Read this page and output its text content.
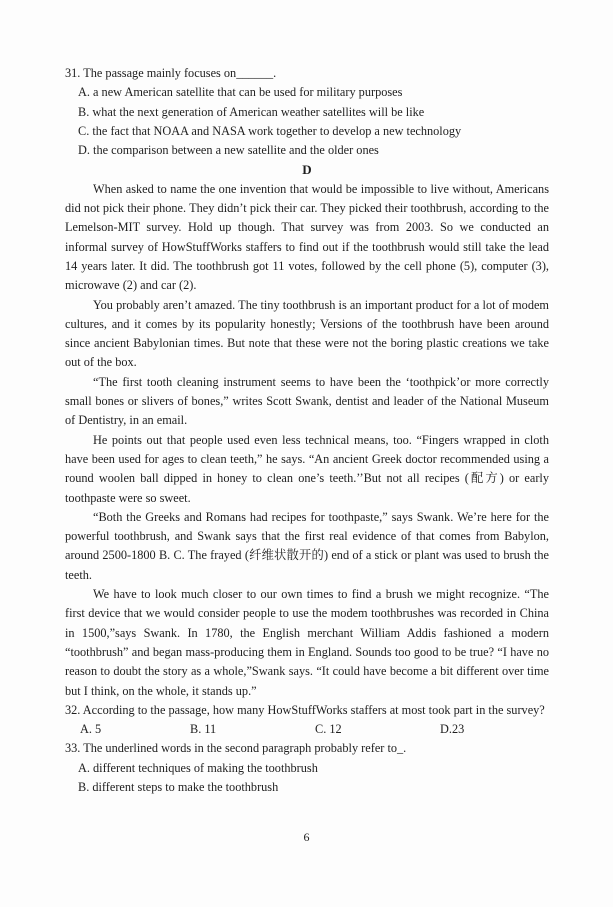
31. The passage mainly focuses on______.
A. a new American satellite that can be used for military purposes
B. what the next generation of American weather satellites will be like
C. the fact that NOAA and NASA work together to develop a new technology
D. the comparison between a new satellite and the older ones
D

When asked to name the one invention that would be impossible to live without, Americans did not pick their phone. They didn’t pick their car. They picked their toothbrush, according to the Lemelson-MIT survey. Hold up though. That survey was from 2003. So we conducted an informal survey of HowStuffWorks staffers to find out if the toothbrush would still take the lead 14 years later. It did. The toothbrush got 11 votes, followed by the cell phone (5), computer (3), microwave (2) and car (2).

You probably aren’t amazed. The tiny toothbrush is an important product for a lot of modem cultures, and it comes by its popularity honestly; Versions of the toothbrush have been around since ancient Babylonian times. But note that these were not the boring plastic creations we take out of the box.

“The first tooth cleaning instrument seems to have been the ‘toothpick’or more correctly small bones or slivers of bones,” writes Scott Swank, dentist and leader of the National Museum of Dentistry, in an email.

He points out that people used even less technical means, too. “Fingers wrapped in cloth have been used for ages to clean teeth,” he says. “An ancient Greek doctor recommended using a round woolen ball dipped in honey to clean one’s teeth.’’But not all recipes (配方) or early toothpaste were so sweet.

“Both the Greeks and Romans had recipes for toothpaste,” says Swank. We’re here for the powerful toothbrush, and Swank says that the first real evidence of that comes from Babylon, around 2500-1800 B. C. The frayed (纤维状散开的) end of a stick or plant was used to brush the teeth.

We have to look much closer to our own times to find a brush we might recognize. “The first device that we would consider people to use the modem toothbrushes was recorded in China in 1500,”says Swank. In 1780, the English merchant William Addis fashioned a modern “toothbrush” and began mass-producing them in England. Sounds too good to be true? “I have no reason to doubt the story as a whole,”Swank says. “It could have become a bit different over time but I think, on the whole, it stands up.”

32. According to the passage, how many HowStuffWorks staffers at most took part in the survey?
A. 5	B. 11	C. 12	D.23
33. The underlined words in the second paragraph probably refer to_.
A. different techniques of making the toothbrush
B. different steps to make the toothbrush
6
